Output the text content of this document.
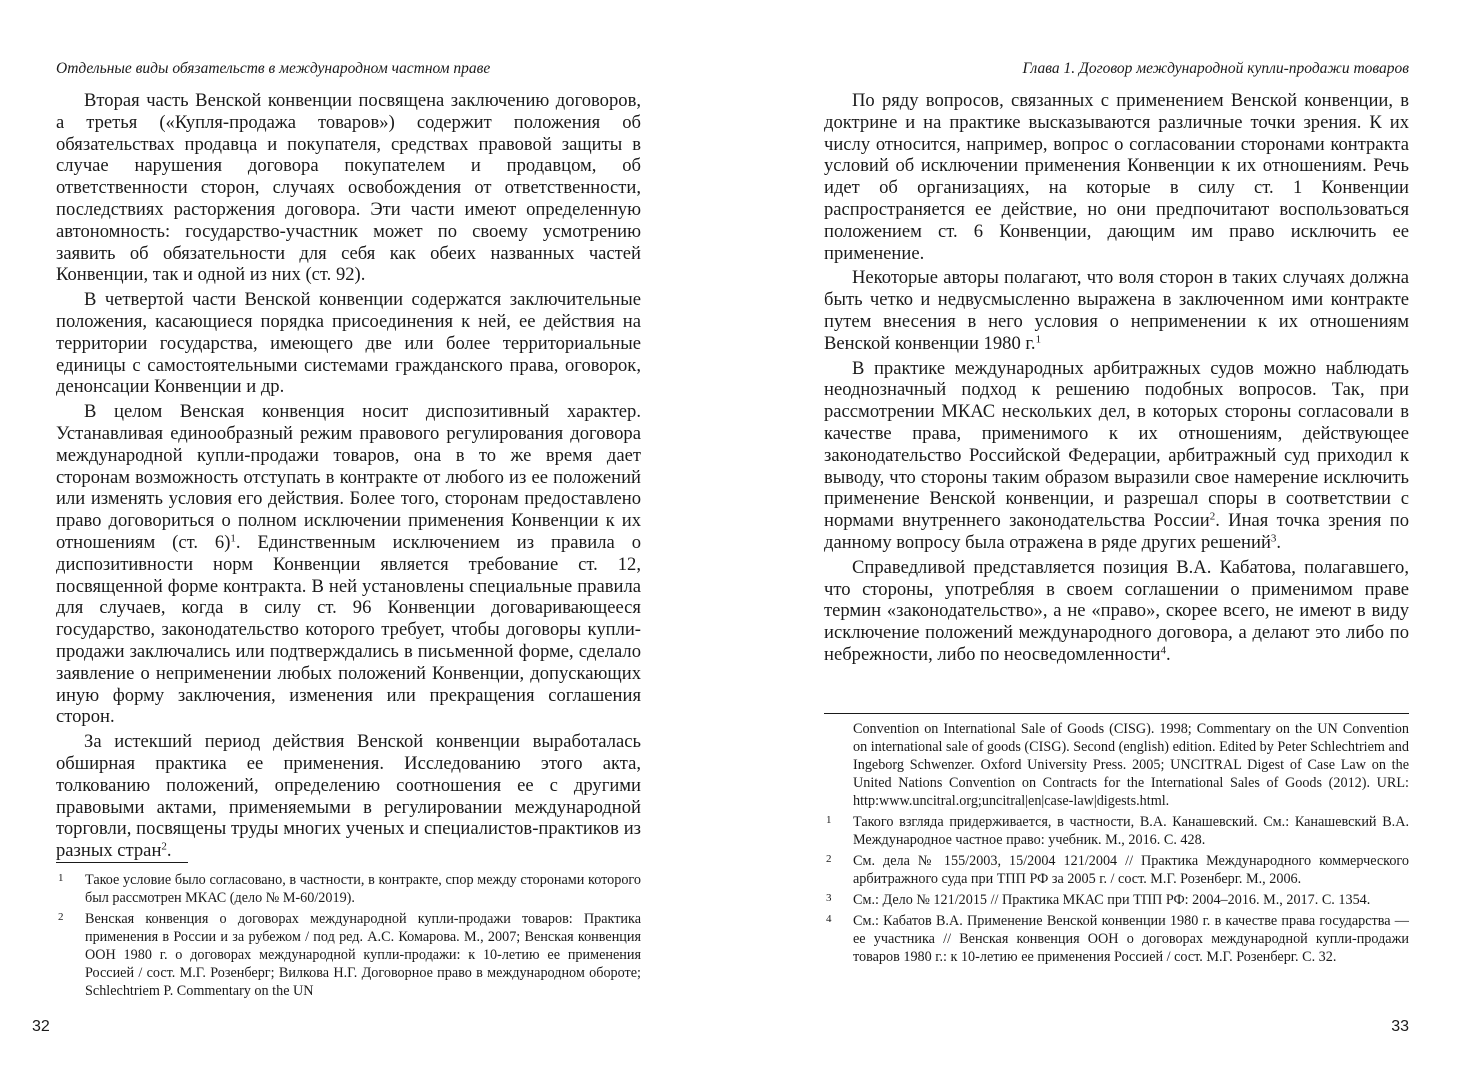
Отдельные виды обязательств в международном частном праве

Вторая часть Венской конвенции посвящена заключению договоров, а третья («Купля-продажа товаров») содержит положения об обязательствах продавца и покупателя, средствах правовой защиты в случае нарушения договора покупателем и продавцом, об ответственности сторон, случаях освобождения от ответственности, последствиях расторжения договора. Эти части имеют определенную автономность: государство-участник может по своему усмотрению заявить об обязательности для себя как обеих названных частей Конвенции, так и одной из них (ст. 92).

В четвертой части Венской конвенции содержатся заключительные положения, касающиеся порядка присоединения к ней, ее действия на территории государства, имеющего две или более территориальные единицы с самостоятельными системами гражданского права, оговорок, денонсации Конвенции и др.

В целом Венская конвенция носит диспозитивный характер. Устанавливая единообразный режим правового регулирования договора международной купли-продажи товаров, она в то же время дает сторонам возможность отступать в контракте от любого из ее положений или изменять условия его действия. Более того, сторонам предоставлено право договориться о полном исключении применения Конвенции к их отношениям (ст. 6)$^1$. Единственным исключением из правила о диспозитивности норм Конвенции является требование ст. 12, посвященной форме контракта. В ней установлены специальные правила для случаев, когда в силу ст. 96 Конвенции договаривающееся государство, законодательство которого требует, чтобы договоры купли-продажи заключались или подтверждались в письменной форме, сделало заявление о неприменении любых положений Конвенции, допускающих иную форму заключения, изменения или прекращения соглашения сторон.

За истекший период действия Венской конвенции выработалась обширная практика ее применения. Исследованию этого акта, толкованию положений, определению соотношения ее с другими правовыми актами, применяемыми в регулировании международной торговли, посвящены труды многих ученых и специалистов-практиков из разных стран$^2$.

1 Такое условие было согласовано, в частности, в контракте, спор между сторонами которого был рассмотрен МКАС (дело № М-60/2019).
2 Венская конвенция о договорах международной купли-продажи товаров: Практика применения в России и за рубежом / под ред. А.С. Комарова. М., 2007; Венская конвенция ООН 1980 г. о договорах международной купли-продажи: к 10-летию ее применения Россией / сост. М.Г. Розенберг; Вилкова Н.Г. Договорное право в международном обороте; Schlechtriem P. Commentary on the UN
32
Глава 1. Договор международной купли-продажи товаров

По ряду вопросов, связанных с применением Венской конвенции, в доктрине и на практике высказываются различные точки зрения. К их числу относится, например, вопрос о согласовании сторонами контракта условий об исключении применения Конвенции к их отношениям. Речь идет об организациях, на которые в силу ст. 1 Конвенции распространяется ее действие, но они предпочитают воспользоваться положением ст. 6 Конвенции, дающим им право исключить ее применение.

Некоторые авторы полагают, что воля сторон в таких случаях должна быть четко и недвусмысленно выражена в заключенном ими контракте путем внесения в него условия о неприменении к их отношениям Венской конвенции 1980 г.$^1$

В практике международных арбитражных судов можно наблюдать неоднозначный подход к решению подобных вопросов. Так, при рассмотрении МКАС нескольких дел, в которых стороны согласовали в качестве права, применимого к их отношениям, действующее законодательство Российской Федерации, арбитражный суд приходил к выводу, что стороны таким образом выразили свое намерение исключить применение Венской конвенции, и разрешал споры в соответствии с нормами внутреннего законодательства России$^2$. Иная точка зрения по данному вопросу была отражена в ряде других решений$^3$.

Справедливой представляется позиция В.А. Кабатова, полагавшего, что стороны, употребляя в своем соглашении о применимом праве термин «законодательство», а не «право», скорее всего, не имеют в виду исключение положений международного договора, а делают это либо по небрежности, либо по неосведомленности$^4$.

Convention on International Sale of Goods (CISG). 1998; Commentary on the UN Convention on international sale of goods (CISG). Second (english) edition. Edited by Peter Schlechtriem and Ingeborg Schwenzer. Oxford University Press. 2005; UNCITRAL Digest of Case Law on the United Nations Convention on Contracts for the International Sales of Goods (2012). URL: http:www.uncitral.org;uncitral|en|case-law|digests.html.
1 Такого взгляда придерживается, в частности, В.А. Канашевский. См.: Канашевский В.А. Международное частное право: учебник. М., 2016. С. 428.
2 См. дела № 155/2003, 15/2004 121/2004 // Практика Международного коммерческого арбитражного суда при ТПП РФ за 2005 г. / сост. М.Г. Розенберг. М., 2006.
3 См.: Дело № 121/2015 // Практика МКАС при ТПП РФ: 2004–2016. М., 2017. С. 1354.
4 См.: Кабатов В.А. Применение Венской конвенции 1980 г. в качестве права государства — ее участника // Венская конвенция ООН о договорах международной купли-продажи товаров 1980 г.: к 10-летию ее применения Россией / сост. М.Г. Розенберг. С. 32.
33
